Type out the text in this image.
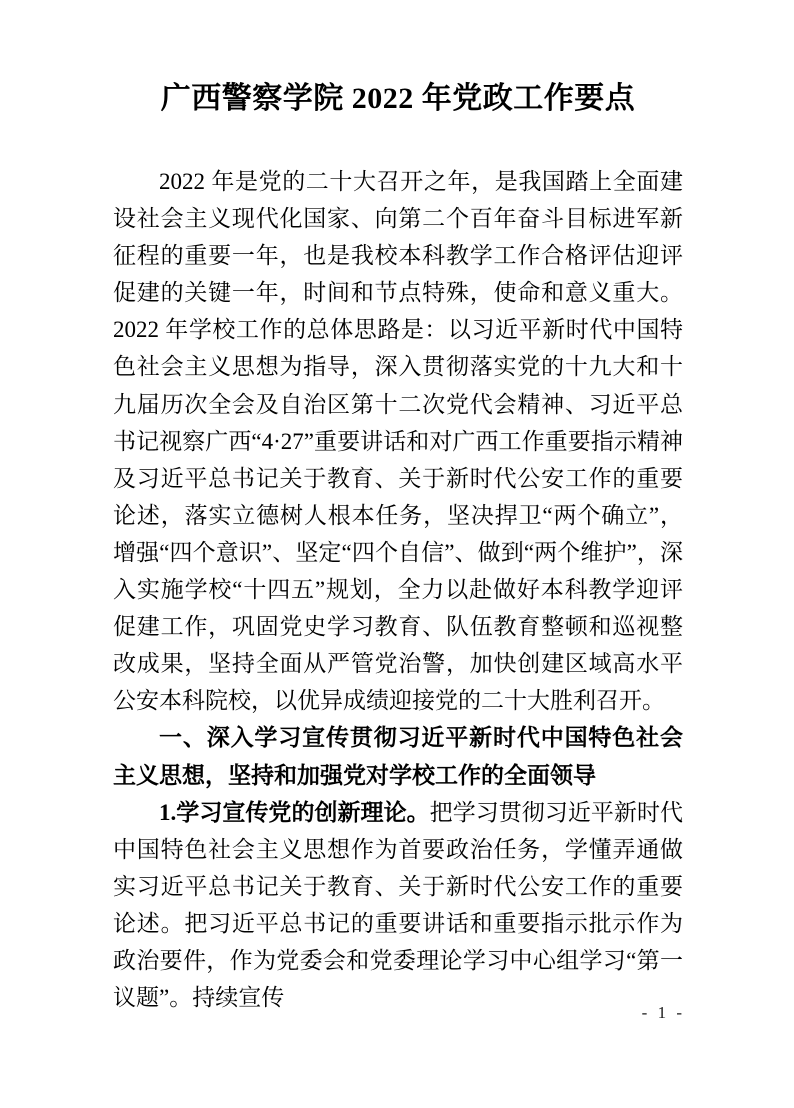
广西警察学院 2022 年党政工作要点

2022 年是党的二十大召开之年，是我国踏上全面建设社会主义现代化国家、向第二个百年奋斗目标进军新征程的重要一年，也是我校本科教学工作合格评估迎评促建的关键一年，时间和节点特殊，使命和意义重大。2022 年学校工作的总体思路是：以习近平新时代中国特色社会主义思想为指导，深入贯彻落实党的十九大和十九届历次全会及自治区第十二次党代会精神、习近平总书记视察广西“4·27”重要讲话和对广西工作重要指示精神及习近平总书记关于教育、关于新时代公安工作的重要论述，落实立德树人根本任务，坚决捍卫“两个确立”，增强“四个意识”、坚定“四个自信”、做到“两个维护”，深入实施学校“十四五”规划，全力以赴做好本科教学迎评促建工作，巩固党史学习教育、队伍教育整顿和巡视整改成果，坚持全面从严管党治警，加快创建区域高水平公安本科院校，以优异成绩迎接党的二十大胜利召开。

一、深入学习宣传贯彻习近平新时代中国特色社会主义思想，坚持和加强党对学校工作的全面领导

1.学习宣传党的创新理论。把学习贯彻习近平新时代中国特色社会主义思想作为首要政治任务，学懂弄通做实习近平总书记关于教育、关于新时代公安工作的重要论述。把习近平总书记的重要讲话和重要指示批示作为政治要件，作为党委会和党委理论学习中心组学习“第一议题”。持续宣传

- 1 -
